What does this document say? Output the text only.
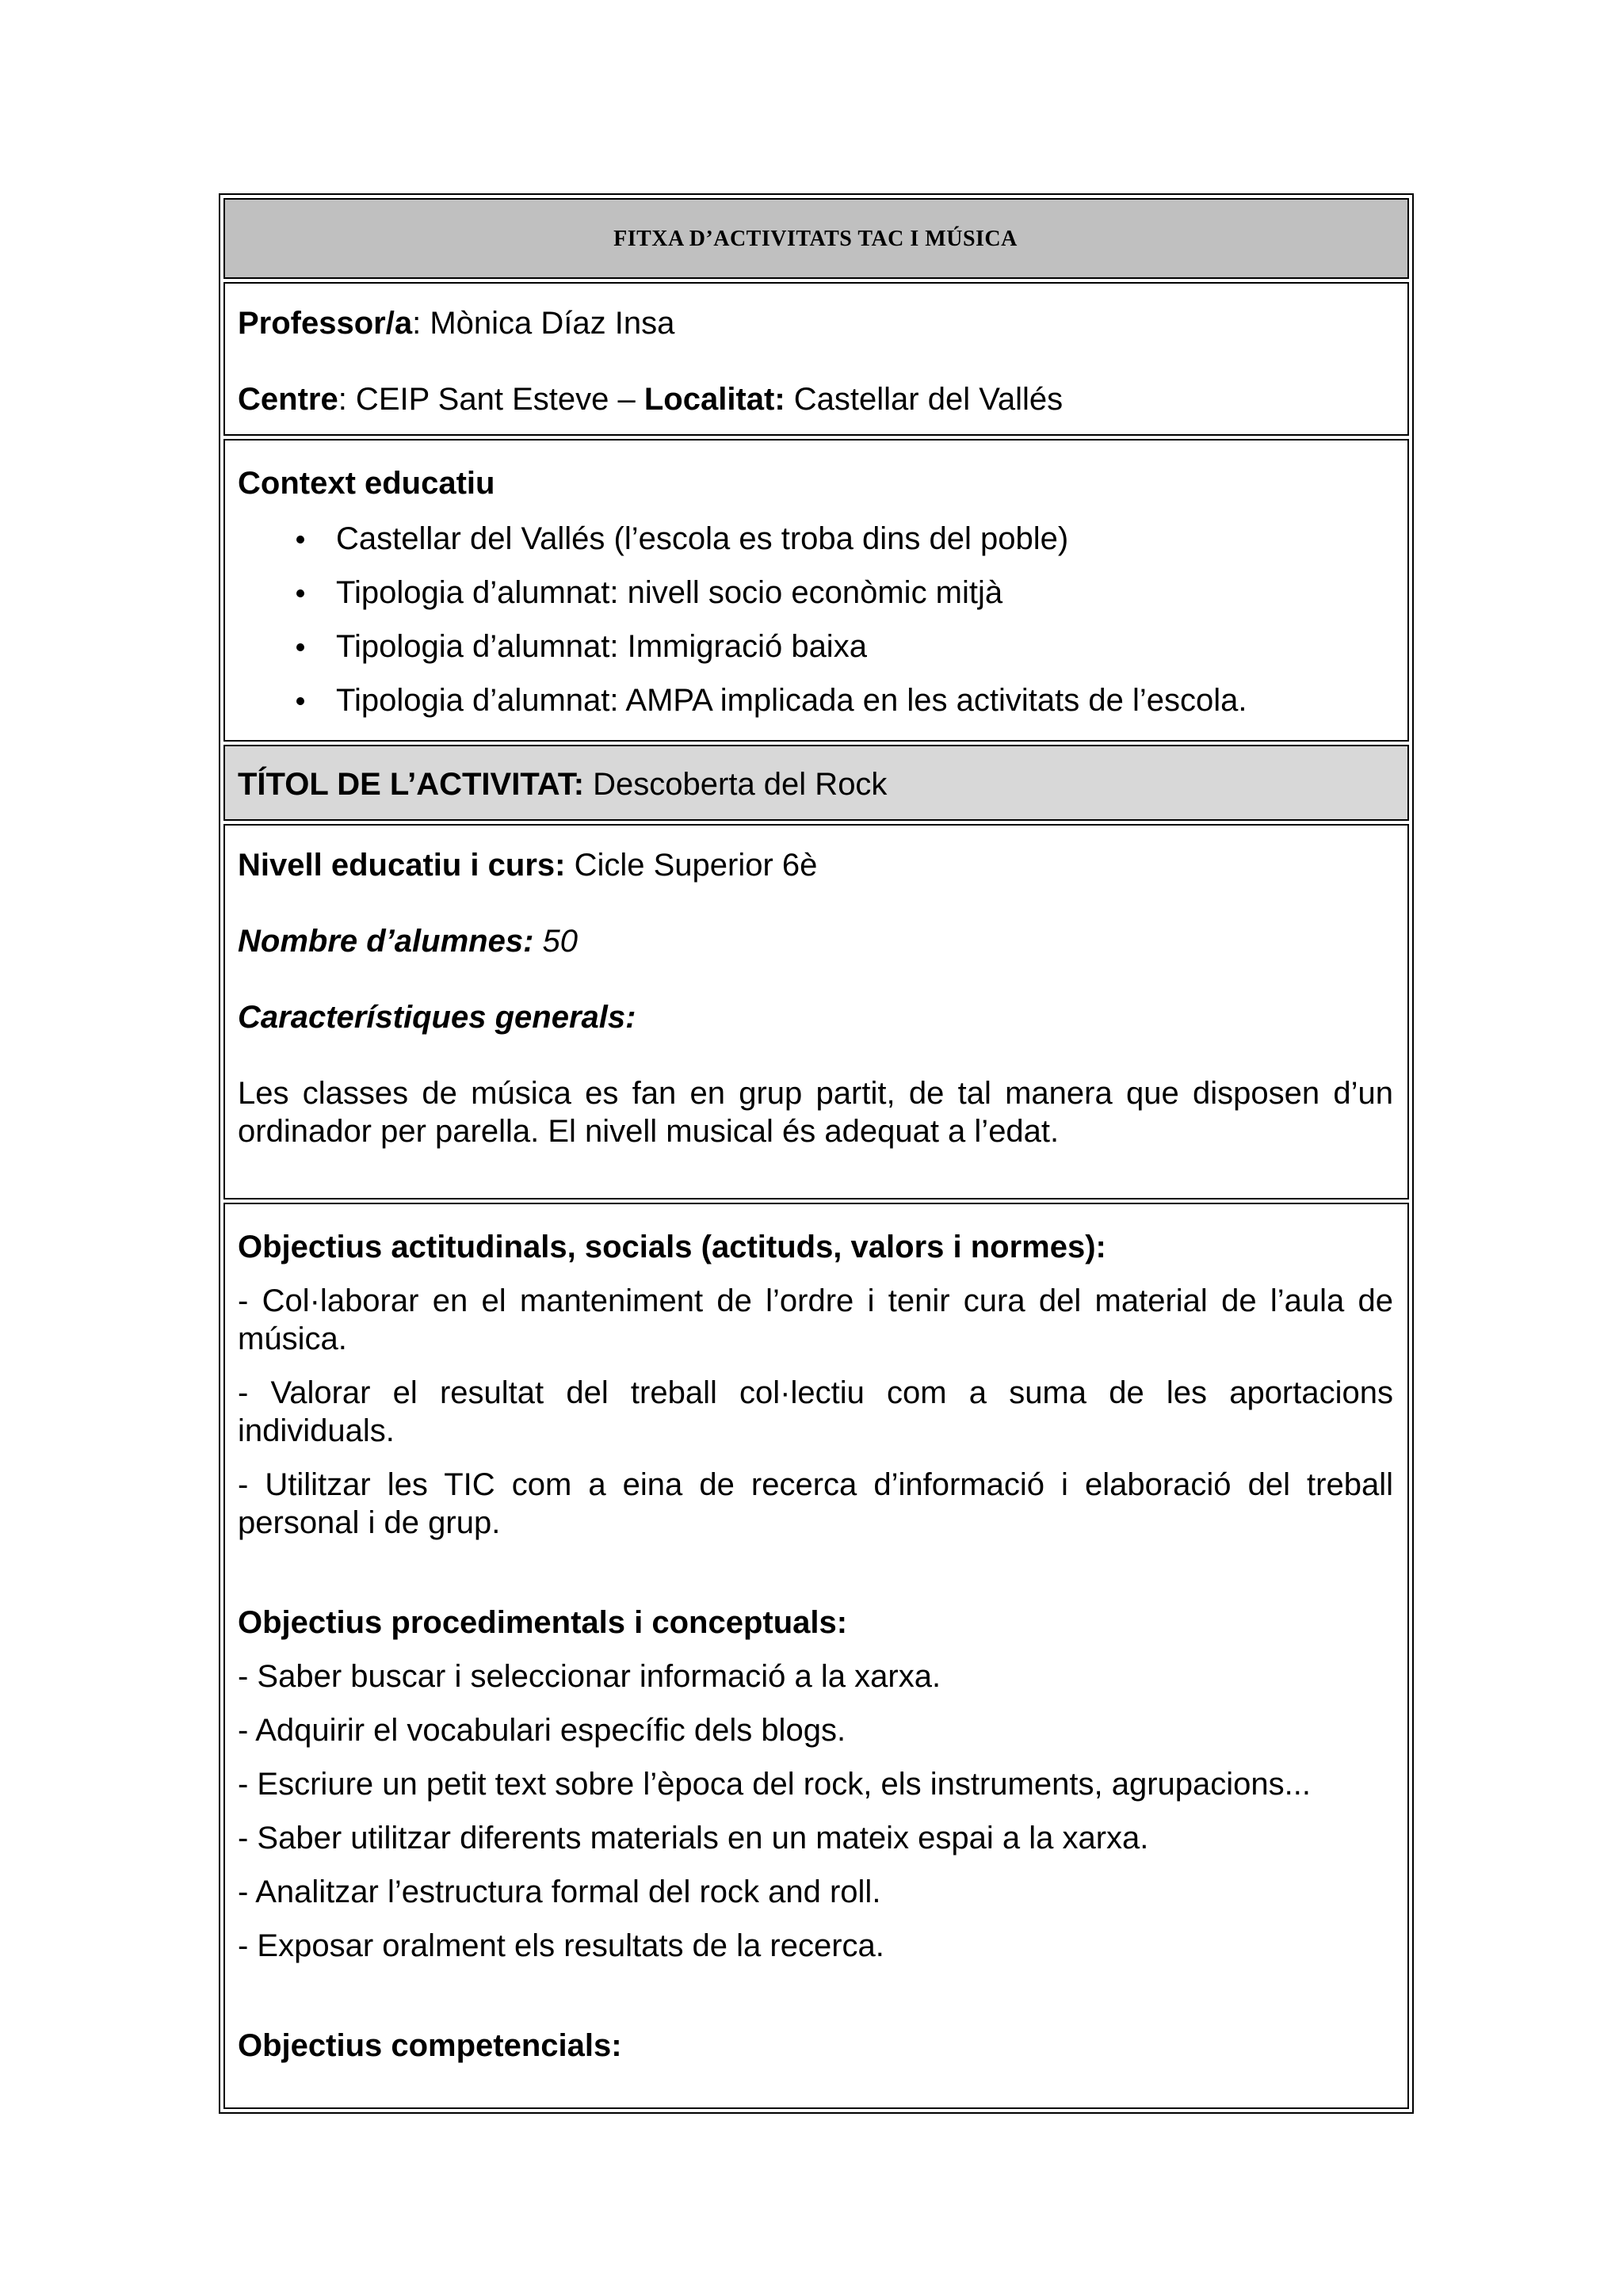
FITXA D’ACTIVITATS TAC I MÚSICA
Professor/a: Mònica Díaz Insa
Centre: CEIP Sant Esteve – Localitat: Castellar del Vallés
Context educatiu
Castellar del Vallés (l’escola es troba dins del poble)
Tipologia d’alumnat: nivell socio econòmic mitjà
Tipologia d’alumnat: Immigració baixa
Tipologia d’alumnat: AMPA implicada en les activitats de l’escola.
TÍTOL DE L’ACTIVITAT: Descoberta del Rock
Nivell educatiu i curs: Cicle Superior 6è
Nombre d’alumnes: 50
Característiques generals:
Les classes de música es fan en grup partit, de tal manera que disposen d’un ordinador per parella. El nivell musical és adequat a l’edat.
Objectius actitudinals, socials (actituds, valors i normes):
- Col·laborar en el manteniment de l’ordre i tenir cura del material de l’aula de música.
- Valorar el resultat del treball col·lectiu com a suma de les aportacions individuals.
- Utilitzar les TIC com a eina de recerca d’informació i elaboració del treball personal i de grup.
Objectius procedimentals i conceptuals:
- Saber buscar i seleccionar informació a la xarxa.
- Adquirir el vocabulari específic dels blogs.
- Escriure un petit text sobre l’època del rock, els instruments, agrupacions...
- Saber utilitzar diferents materials en un mateix espai a la xarxa.
- Analitzar l’estructura formal del rock and roll.
- Exposar oralment els resultats de la recerca.
Objectius competencials:
